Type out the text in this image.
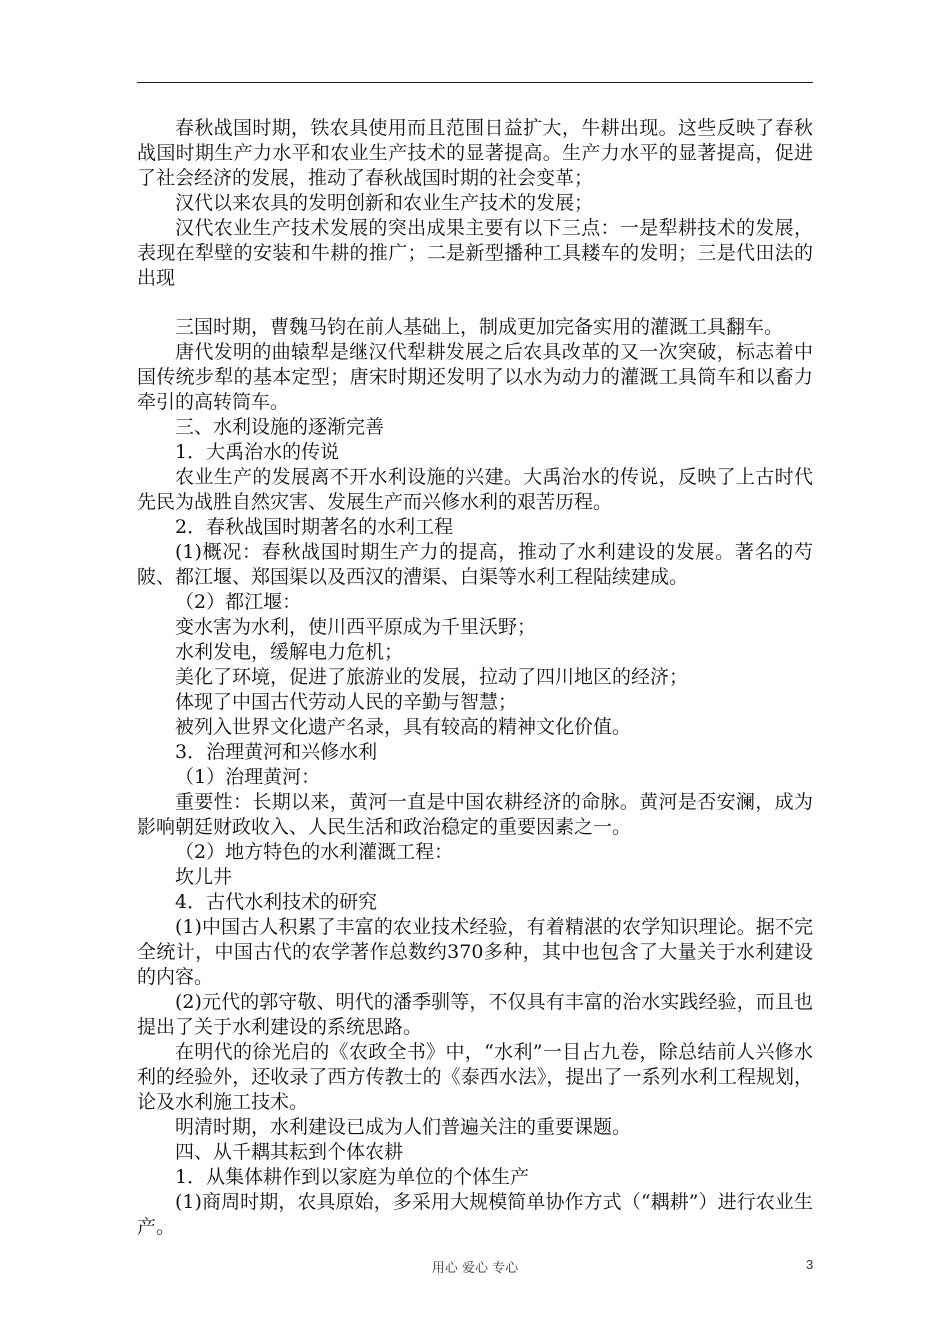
春秋战国时期，铁农具使用而且范围日益扩大，牛耕出现。这些反映了春秋战国时期生产力水平和农业生产技术的显著提高。生产力水平的显著提高，促进了社会经济的发展，推动了春秋战国时期的社会变革；

汉代以来农具的发明创新和农业生产技术的发展；

汉代农业生产技术发展的突出成果主要有以下三点：一是犁耕技术的发展，表现在犁壁的安装和牛耕的推广；二是新型播种工具耧车的发明；三是代田法的出现

三国时期，曹魏马钧在前人基础上，制成更加完备实用的灌溉工具翻车。

唐代发明的曲辕犁是继汉代犁耕发展之后农具改革的又一次突破，标志着中国传统步犁的基本定型；唐宋时期还发明了以水为动力的灌溉工具筒车和以畜力牵引的高转筒车。

三、水利设施的逐渐完善

1．大禹治水的传说

农业生产的发展离不开水利设施的兴建。大禹治水的传说，反映了上古时代先民为战胜自然灾害、发展生产而兴修水利的艰苦历程。

2．春秋战国时期著名的水利工程

(1)概况：春秋战国时期生产力的提高，推动了水利建设的发展。著名的芍陂、都江堰、郑国渠以及西汉的漕渠、白渠等水利工程陆续建成。

（2）都江堰：

变水害为水利，使川西平原成为千里沃野；

水利发电，缓解电力危机；

美化了环境，促进了旅游业的发展，拉动了四川地区的经济；

体现了中国古代劳动人民的辛勤与智慧；

被列入世界文化遗产名录，具有较高的精神文化价值。

3．治理黄河和兴修水利

（1）治理黄河：

重要性：长期以来，黄河一直是中国农耕经济的命脉。黄河是否安澜，成为影响朝廷财政收入、人民生活和政治稳定的重要因素之一。

（2）地方特色的水利灌溉工程：

坎儿井

4．古代水利技术的研究

(1)中国古人积累了丰富的农业技术经验，有着精湛的农学知识理论。据不完全统计，中国古代的农学著作总数约370多种，其中也包含了大量关于水利建设的内容。

(2)元代的郭守敬、明代的潘季驯等，不仅具有丰富的治水实践经验，而且也提出了关于水利建设的系统思路。

在明代的徐光启的《农政全书》中，“水利”一目占九卷，除总结前人兴修水利的经验外，还收录了西方传教士的《泰西水法》，提出了一系列水利工程规划，论及水利施工技术。

明清时期，水利建设已成为人们普遍关注的重要课题。

四、从千耦其耘到个体农耕

1．从集体耕作到以家庭为单位的个体生产

(1)商周时期，农具原始，多采用大规模简单协作方式（“耦耕”）进行农业生产。

用心 爱心 专心	3
